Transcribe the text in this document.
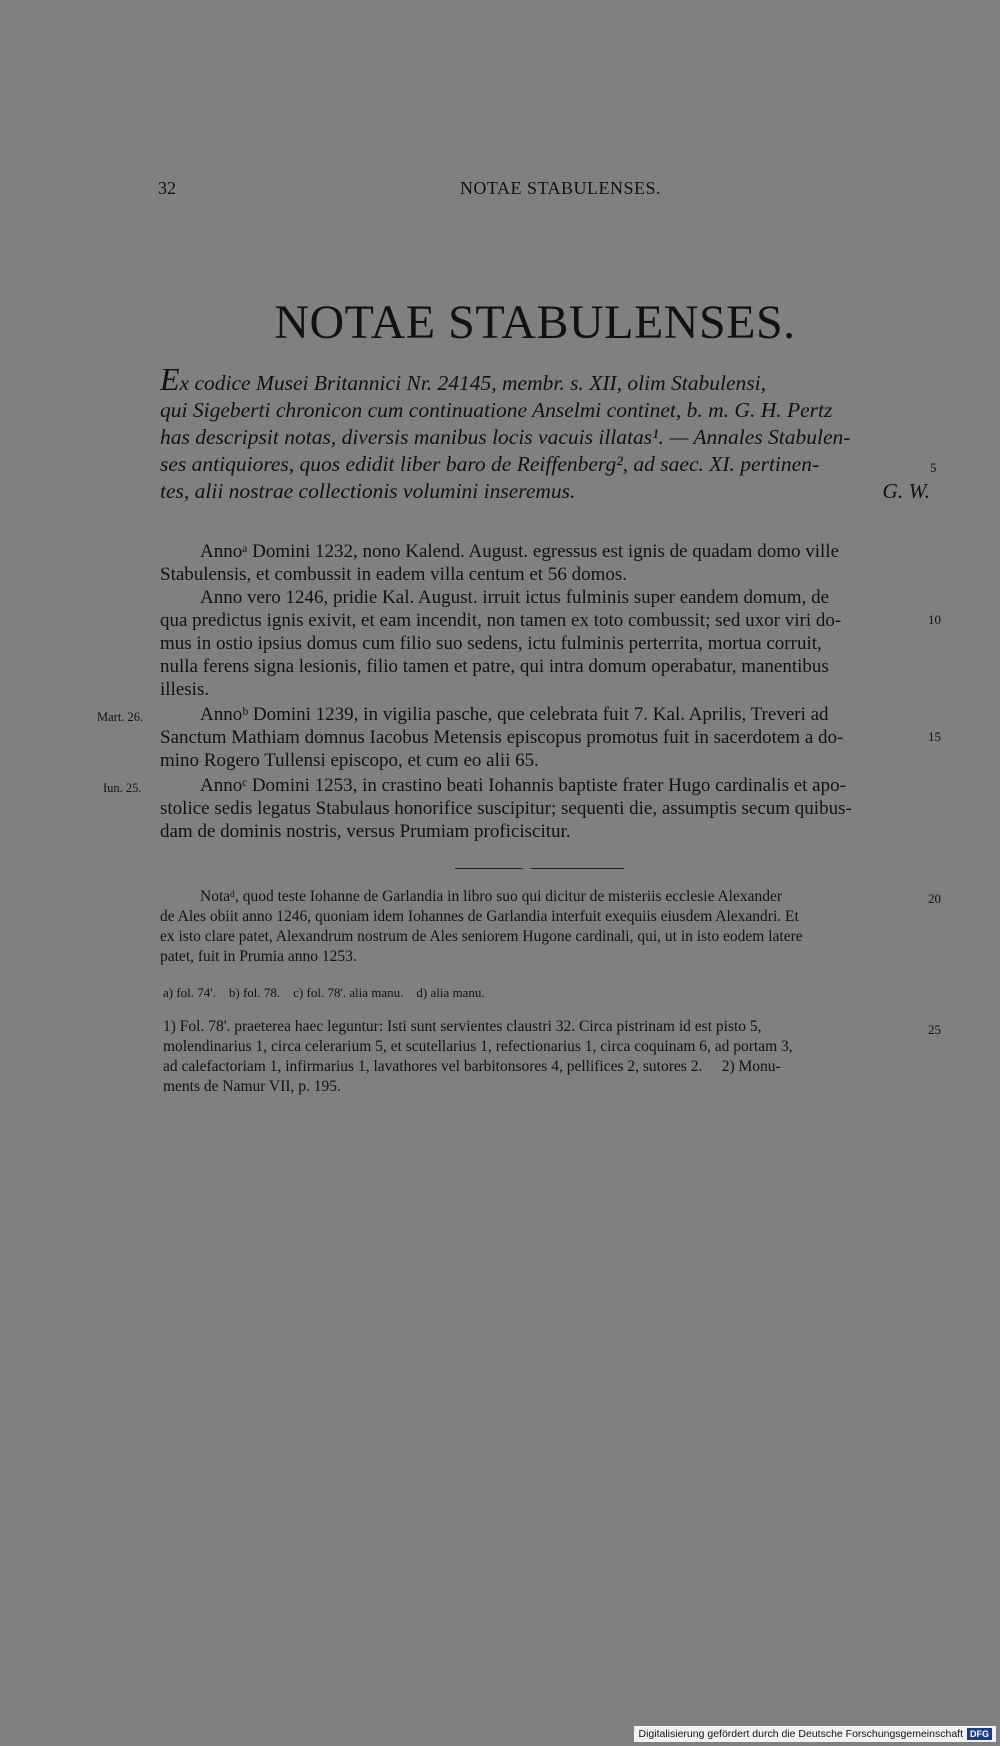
32	NOTAE STABULENSES.
NOTAE STABULENSES.
Ex codice Musei Britannici Nr. 24145, membr. s. XII, olim Stabulensi,
qui Sigeberti chronicon cum continuatione Anselmi continet, b. m. G. H. Pertz
has descripsit notas, diversis manibus locis vacuis illatas¹. — Annales Stabulen-
ses antiquiores, quos edidit liber baro de Reiffenberg², ad saec. XI. pertinen-
tes, alii nostrae collectionis volumini inseremus.	G. W.
5
Annoᵃ Domini 1232, nono Kalend. August. egressus est ignis de quadam domo ville
Stabulensis, et combussit in eadem villa centum et 56 domos.
Anno vero 1246, pridie Kal. August. irruit ictus fulminis super eandem domum, de
qua predictus ignis exivit, et eam incendit, non tamen ex toto combussit; sed uxor viri do-
mus in ostio ipsius domus cum filio suo sedens, ictu fulminis perterrita, mortua corruit,
nulla ferens signa lesionis, filio tamen et patre, qui intra domum operabatur, manentibus
illesis.
Annoᵇ Domini 1239, in vigilia pasche, que celebrata fuit 7. Kal. Aprilis, Treveri ad
Sanctum Mathiam domnus Iacobus Metensis episcopus promotus fuit in sacerdotem a do-
mino Rogero Tullensi episcopo, et cum eo alii 65.
Annoᶜ Domini 1253, in crastino beati Iohannis baptiste frater Hugo cardinalis et apo-
stolice sedis legatus Stabulaus honorifice suscipitur; sequenti die, assumptis secum quibus-
dam de dominis nostris, versus Prumiam proficiscitur.
Mart. 26.
Iun. 25.
10
15
20
25
Notaᵈ, quod teste Iohanne de Garlandia in libro suo qui dicitur de misteriis ecclesie Alexander
de Ales obiit anno 1246, quoniam idem Iohannes de Garlandia interfuit exequiis eiusdem Alexandri. Et
ex isto clare patet, Alexandrum nostrum de Ales seniorem Hugone cardinali, qui, ut in isto eodem latere
patet, fuit in Prumia anno 1253.
a) fol. 74'.    b) fol. 78.    c) fol. 78'. alia manu.    d) alia manu.
1) Fol. 78'. praeterea haec leguntur: Isti sunt servientes claustri 32. Circa pistrinam id est pisto 5,
molendinarius 1, circa celerarium 5, et scutellarius 1, refectionarius 1, circa coquinam 6, ad portam 3,
ad calefactoriam 1, infirmarius 1, lavathores vel barbitonsores 4, pellifices 2, sutores 2.     2) Monu-
ments de Namur VII, p. 195.
Digitalisierung gefördert durch die Deutsche Forschungsgemeinschaft DFG
